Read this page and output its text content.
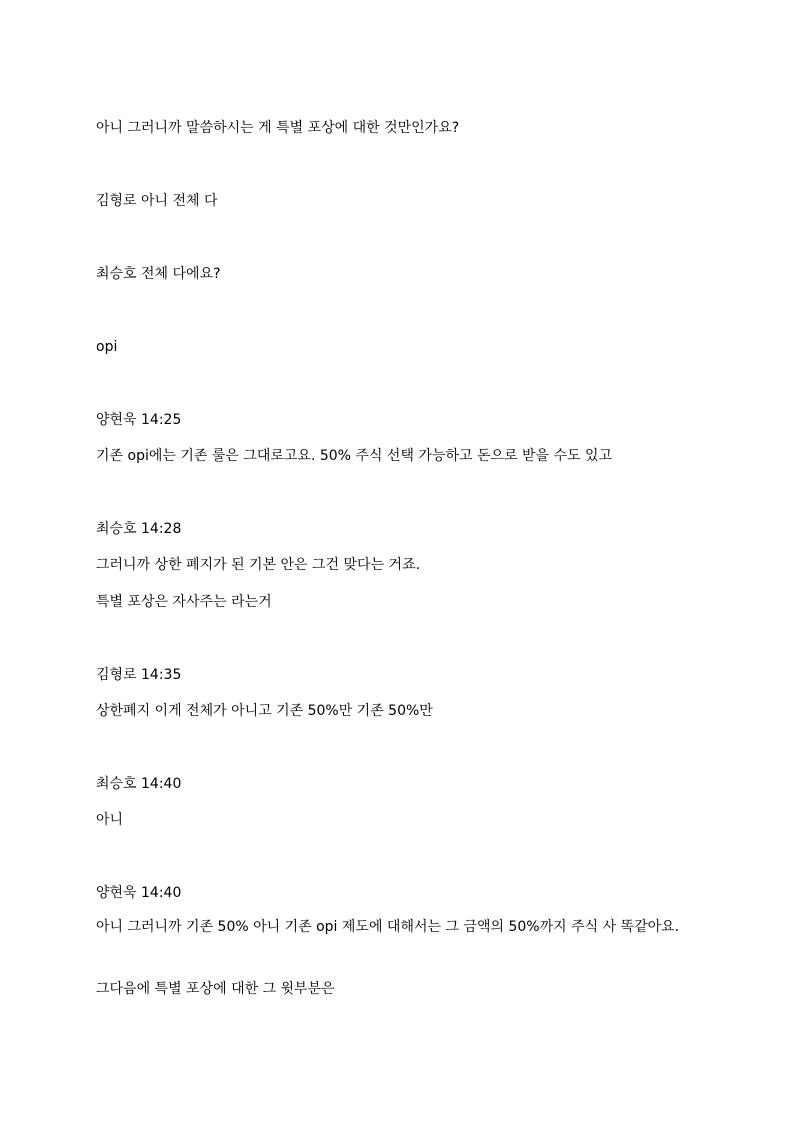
아니 그러니까 말씀하시는 게 특별 포상에 대한 것만인가요?
김형로 아니 전체 다
최승호 전체 다에요?
opi
양현욱 14:25
기존 opi에는 기존 룰은 그대로고요. 50% 주식 선택 가능하고 돈으로 받을 수도 있고
최승호 14:28
그러니까 상한 폐지가 된 기본 안은 그건 맞다는 거죠.
특별 포상은 자사주는 라는거
김형로 14:35
상한폐지 이게 전체가 아니고 기존 50%만 기존 50%만
최승호 14:40
아니
양현욱 14:40
아니 그러니까 기존 50% 아니 기존 opi 제도에 대해서는 그 금액의 50%까지 주식 사 똑같아요.
그다음에 특별 포상에 대한 그 윗부분은
